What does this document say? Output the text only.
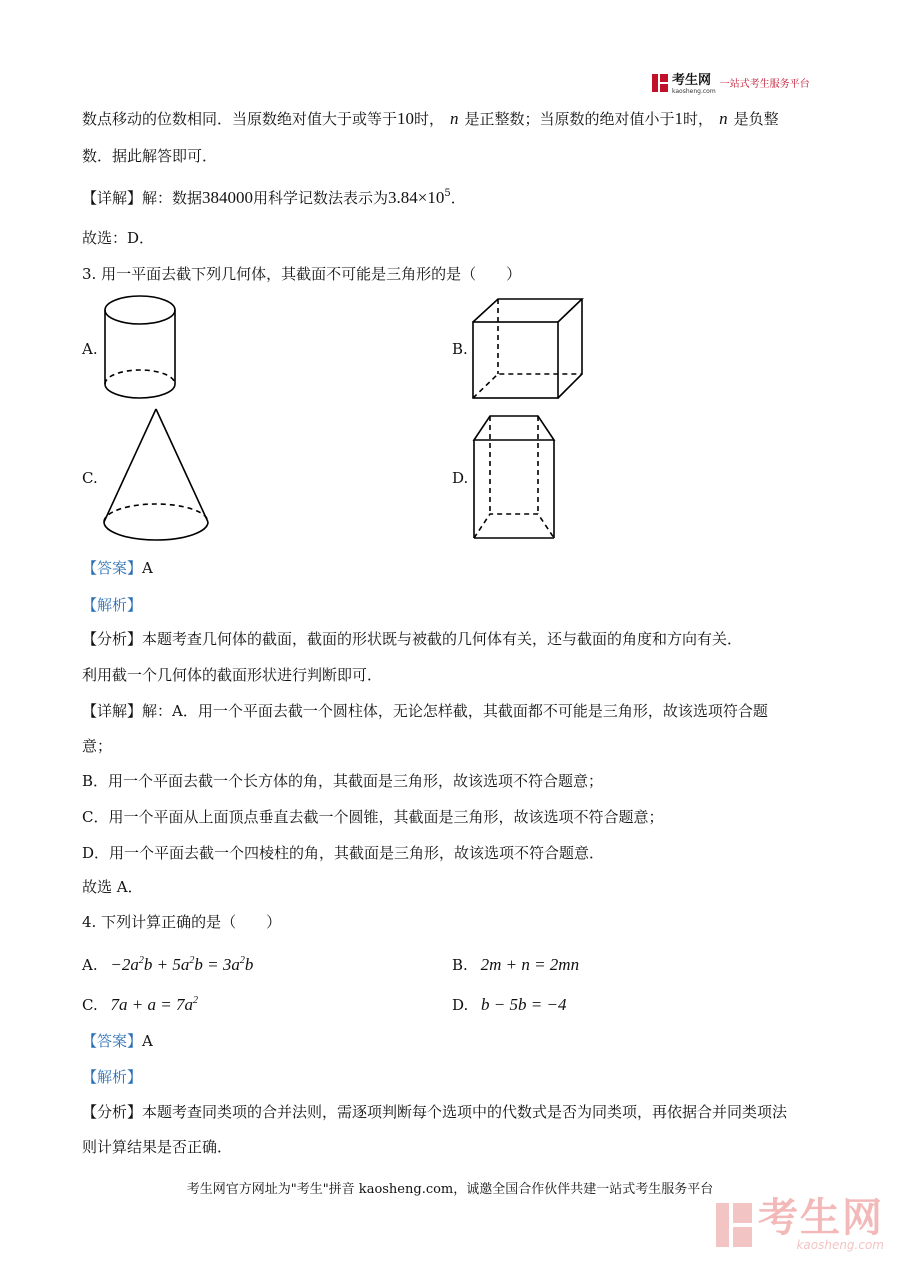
考生网
kaosheng.com
一站式考生服务平台
数点移动的位数相同．当原数绝对值大于或等于10时， n 是正整数；当原数的绝对值小于1时， n 是负整
数．据此解答即可．
【详解】解：数据384000用科学记数法表示为$3.84\times 10^5$．
故选：D．
3. 用一平面去截下列几何体，其截面不可能是三角形的是（　　）
A.	B.
C.	D.
【答案】A
【解析】
【分析】本题考查几何体的截面，截面的形状既与被截的几何体有关，还与截面的角度和方向有关．
利用截一个几何体的截面形状进行判断即可．
【详解】解：A．用一个平面去截一个圆柱体，无论怎样截，其截面都不可能是三角形，故该选项符合题
意；
B．用一个平面去截一个长方体的角，其截面是三角形，故该选项不符合题意；
C．用一个平面从上面顶点垂直去截一个圆锥，其截面是三角形，故该选项不符合题意；
D．用一个平面去截一个四棱柱的角，其截面是三角形，故该选项不符合题意．
故选 A．
4. 下列计算正确的是（　　）
A. $-2a^2b + 5a^2b = 3a^2b$	B. 2m + n = 2mn
C. $7a + a = 7a^2$	D. b − 5b = −4
【答案】A
【解析】
【分析】本题考查同类项的合并法则，需逐项判断每个选项中的代数式是否为同类项，再依据合并同类项法
则计算结果是否正确．
考生网官方网址为"考生"拼音 kaosheng.com，诚邀全国合作伙伴共建一站式考生服务平台
考生网
kaosheng.com
